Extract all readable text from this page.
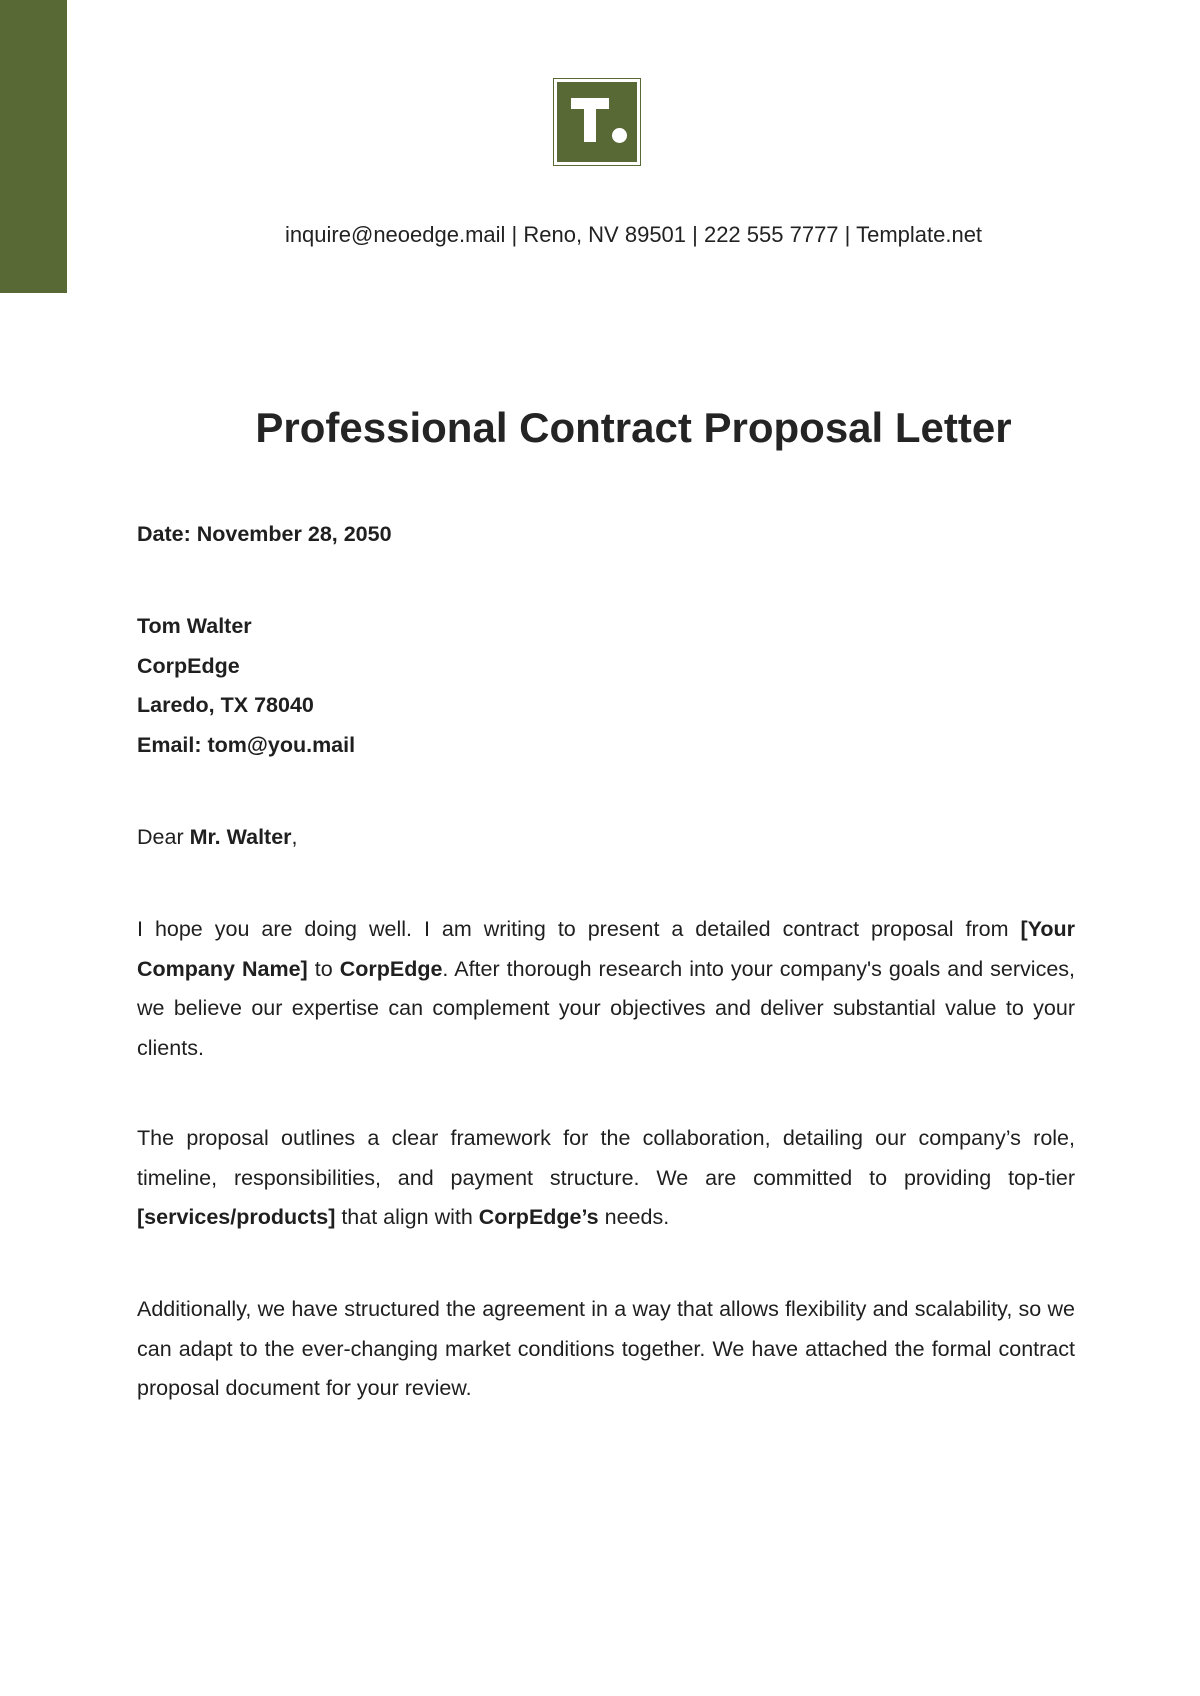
inquire@neoedge.mail | Reno, NV 89501 | 222 555 7777 | Template.net
Professional Contract Proposal Letter
Date: November 28, 2050
Tom Walter
CorpEdge
Laredo, TX 78040
Email: tom@you.mail
Dear Mr. Walter,
I hope you are doing well. I am writing to present a detailed contract proposal from [Your Company Name] to CorpEdge. After thorough research into your company's goals and services, we believe our expertise can complement your objectives and deliver substantial value to your clients.
The proposal outlines a clear framework for the collaboration, detailing our company’s role, timeline, responsibilities, and payment structure. We are committed to providing top-tier [services/products] that align with CorpEdge’s needs.
Additionally, we have structured the agreement in a way that allows flexibility and scalability, so we can adapt to the ever-changing market conditions together. We have attached the formal contract proposal document for your review.
